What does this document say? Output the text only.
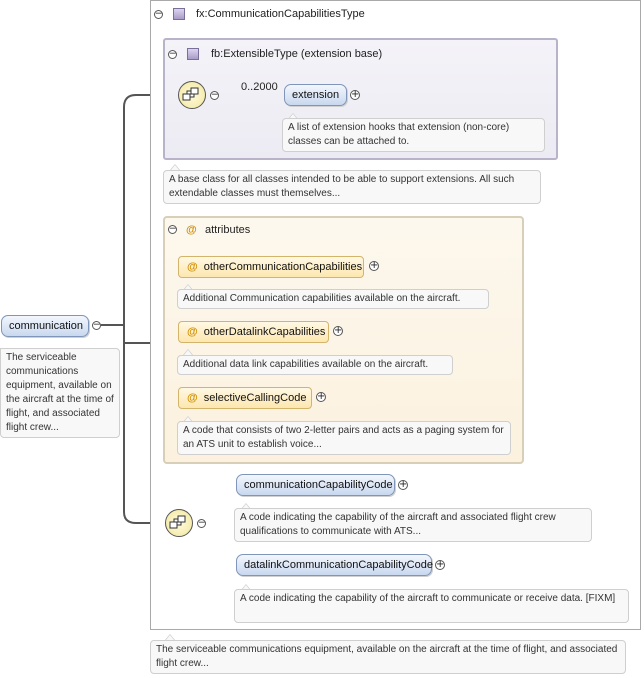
communication	−
The serviceable communications equipment, available on the aircraft at the time of flight, and associated flight crew...
−	fx:CommunicationCapabilitiesType
−	fb:ExtensibleType (extension base)
−
0..2000
extension	+
A list of extension hooks that extension (non-core) classes can be attached to.
A base class for all classes intended to be able to support extensions. All such extendable classes must themselves...
− @ attributes
@ otherCommunicationCapabilities +
Additional Communication capabilities available on the aircraft.
@ otherDatalinkCapabilities +
Additional data link capabilities available on the aircraft.
@ selectiveCallingCode	+
A code that consists of two 2-letter pairs and acts as a paging system for an ATS unit to establish voice...
−
communicationCapabilityCode +
A code indicating the capability of the aircraft and associated flight crew qualifications to communicate with ATS...
datalinkCommunicationCapabilityCode +
A code indicating the capability of the aircraft to communicate or receive data. [FIXM]
The serviceable communications equipment, available on the aircraft at the time of flight, and associated flight crew...
